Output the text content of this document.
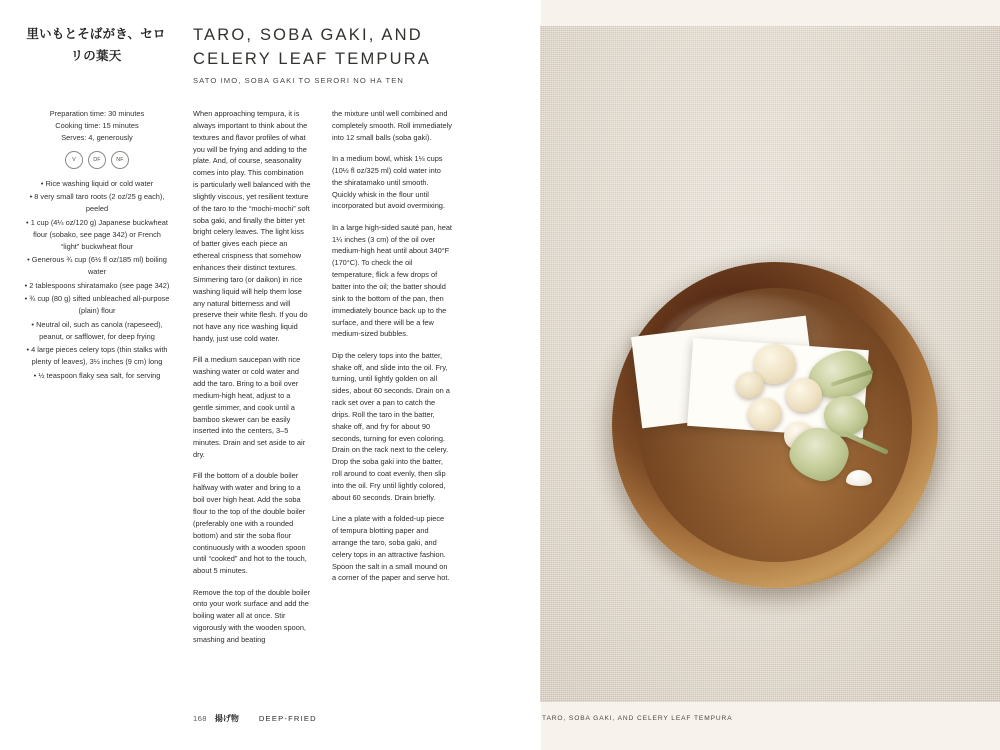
里いもとそばがき、セロリの葉天
TARO, SOBA GAKI, AND CELERY LEAF TEMPURA
SATO IMO, SOBA GAKI TO SERORI NO HA TEN
Preparation time: 30 minutes
Cooking time: 15 minutes
Serves: 4, generously
V	DF	NF
• Rice washing liquid or cold water
• 8 very small taro roots (2 oz/25 g each), peeled
• 1 cup (4¼ oz/120 g) Japanese buckwheat flour (sobako, see page 342) or French “light” buckwheat flour
• Generous ¾ cup (6½ fl oz/185 ml) boiling water
• 2 tablespoons shiratamako (see page 342)
• ¾ cup (80 g) sifted unbleached all-purpose (plain) flour
• Neutral oil, such as canola (rapeseed), peanut, or safflower, for deep frying
• 4 large pieces celery tops (thin stalks with plenty of leaves), 3½ inches (9 cm) long
• ½ teaspoon flaky sea salt, for serving

When approaching tempura, it is always important to think about the textures and flavor profiles of what you will be frying and adding to the plate. And, of course, seasonality comes into play. This combination is particularly well balanced with the slightly viscous, yet resilient texture of the taro to the “mochi-mochi” soft soba gaki, and finally the bitter yet bright celery leaves. The light kiss of batter gives each piece an ethereal crispness that somehow enhances their distinct textures. Simmering taro (or daikon) in rice washing liquid will help them lose any natural bitterness and will preserve their white flesh. If you do not have any rice washing liquid handy, just use cold water.

Fill a medium saucepan with rice washing water or cold water and add the taro. Bring to a boil over medium-high heat, adjust to a gentle simmer, and cook until a bamboo skewer can be easily inserted into the centers, 3–5 minutes. Drain and set aside to air dry.

Fill the bottom of a double boiler halfway with water and bring to a boil over high heat. Add the soba flour to the top of the double boiler (preferably one with a rounded bottom) and stir the soba flour continuously with a wooden spoon until “cooked” and hot to the touch, about 5 minutes.

Remove the top of the double boiler onto your work surface and add the boiling water all at once. Stir vigorously with the wooden spoon, smashing and beating

the mixture until well combined and completely smooth. Roll immediately into 12 small balls (soba gaki).

In a medium bowl, whisk 1⅓ cups (10½ fl oz/325 ml) cold water into the shiratamako until smooth. Quickly whisk in the flour until incorporated but avoid overmixing.

In a large high-sided sauté pan, heat 1¼ inches (3 cm) of the oil over medium-high heat until about 340°F (170°C). To check the oil temperature, flick a few drops of batter into the oil; the batter should sink to the bottom of the pan, then immediately bounce back up to the surface, and there will be a few medium-sized bubbles.

Dip the celery tops into the batter, shake off, and slide into the oil. Fry, turning, until lightly golden on all sides, about 60 seconds. Drain on a rack set over a pan to catch the drips. Roll the taro in the batter, shake off, and fry for about 90 seconds, turning for even coloring. Drain on the rack next to the celery. Drop the soba gaki into the batter, roll around to coat evenly, then slip into the oil. Fry until lightly colored, about 60 seconds. Drain briefly.

Line a plate with a folded-up piece of tempura blotting paper and arrange the taro, soba gaki, and celery tops in an attractive fashion. Spoon the salt in a small mound on a corner of the paper and serve hot.

168 揚げ物	DEEP-FRIED	TARO, SOBA GAKI, AND CELERY LEAF TEMPURA
